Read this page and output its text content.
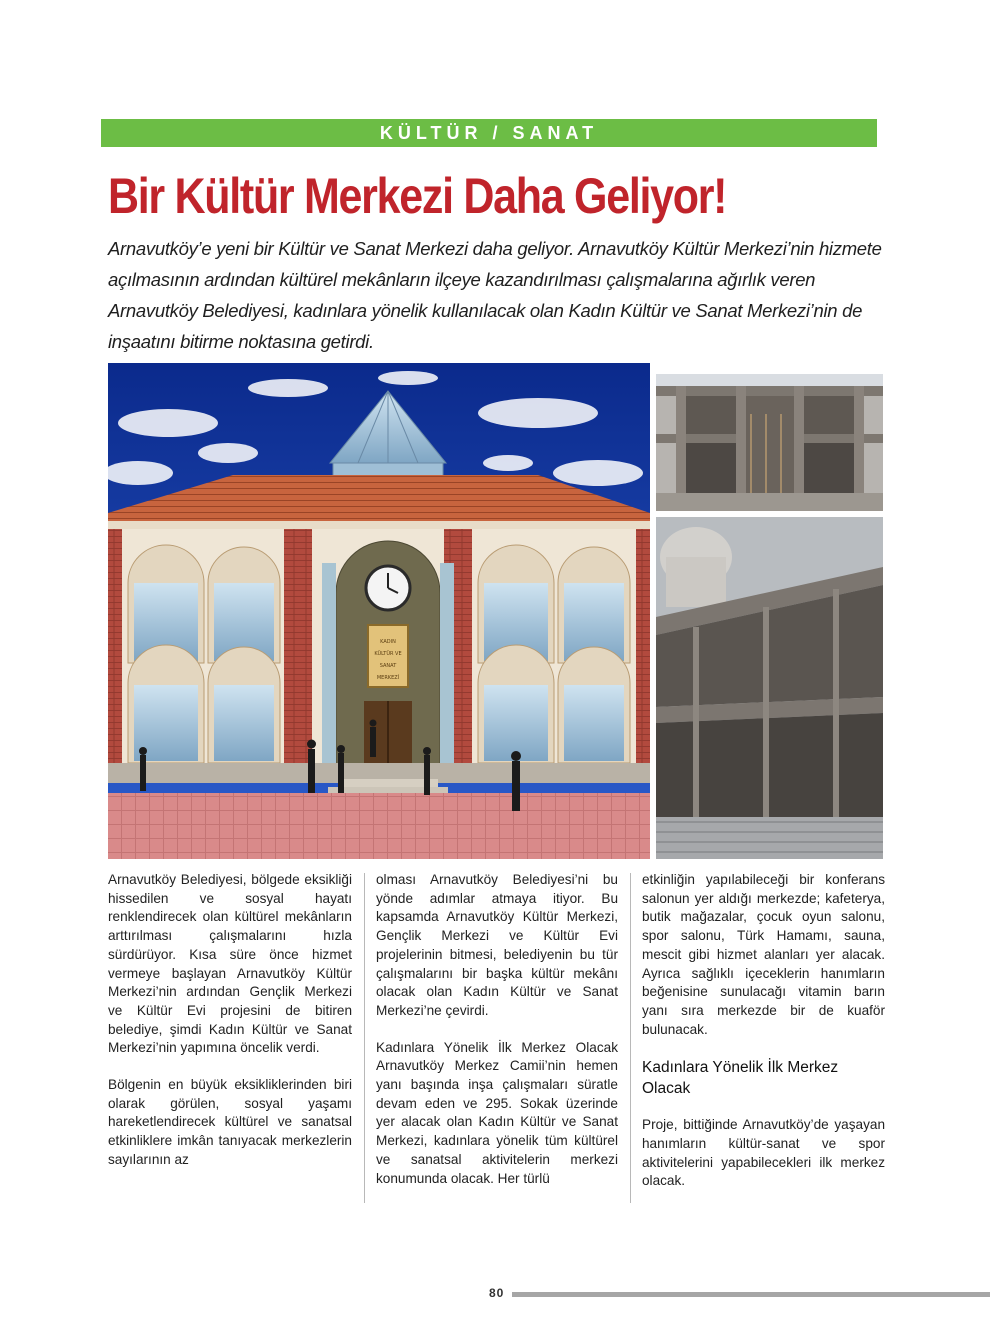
KÜLTÜR / SANAT
Bir Kültür Merkezi Daha Geliyor!

Arnavutköy’e yeni bir Kültür ve Sanat Merkezi daha geliyor. Arnavutköy Kültür Merkezi’nin hizmete açılmasının ardından kültürel mekânların ilçeye kazandırılması çalışmalarına ağırlık veren Arnavutköy Belediyesi, kadınlara yönelik kullanılacak olan Kadın Kültür ve Sanat Merkezi’nin de inşaatını bitirme noktasına getirdi.

KADIN
KÜLTÜR VE
SANAT
MERKEZİ

Arnavutköy Belediyesi, bölgede eksikliği hissedilen ve sosyal hayatı renklendirecek olan kültürel mekânların arttırılması çalışmalarını hızla sürdürüyor. Kısa süre önce hizmet vermeye başlayan Arnavutköy Kültür Merkezi’nin ardından Gençlik Merkezi ve Kültür Evi projesini de bitiren belediye, şimdi Kadın Kültür ve Sanat Merkezi’nin yapımına öncelik verdi.

Bölgenin en büyük eksikliklerinden biri olarak görülen, sosyal yaşamı hareketlendirecek kültürel ve sanatsal etkinliklere imkân tanıyacak merkezlerin sayılarının az

olması Arnavutköy Belediyesi’ni bu yönde adımlar atmaya itiyor. Bu kapsamda Arnavutköy Kültür Merkezi, Gençlik Merkezi ve Kültür Evi projelerinin bitmesi, belediyenin bu tür çalışmalarını bir başka kültür mekânı olacak olan Kadın Kültür ve Sanat Merkezi’ne çevirdi.

Kadınlara Yönelik İlk Merkez Olacak Arnavutköy Merkez Camii’nin hemen yanı başında inşa çalışmaları süratle devam eden ve 295. Sokak üzerinde yer alacak olan Kadın Kültür ve Sanat Merkezi, kadınlara yönelik tüm kültürel ve sanatsal aktivitelerin merkezi konumunda olacak. Her türlü

etkinliğin yapılabileceği bir konferans salonun yer aldığı merkezde; kafeterya, butik mağazalar, çocuk oyun salonu, spor salonu, Türk Hamamı, sauna, mescit gibi hizmet alanları yer alacak. Ayrıca sağlıklı içeceklerin hanımların beğenisine sunulacağı vitamin barın yanı sıra merkezde bir de kuaför bulunacak.

Kadınlara Yönelik İlk Merkez Olacak

Proje, bittiğinde Arnavutköy’de yaşayan hanımların kültür-sanat ve spor aktivitelerini yapabilecekleri ilk merkez olacak.

80
